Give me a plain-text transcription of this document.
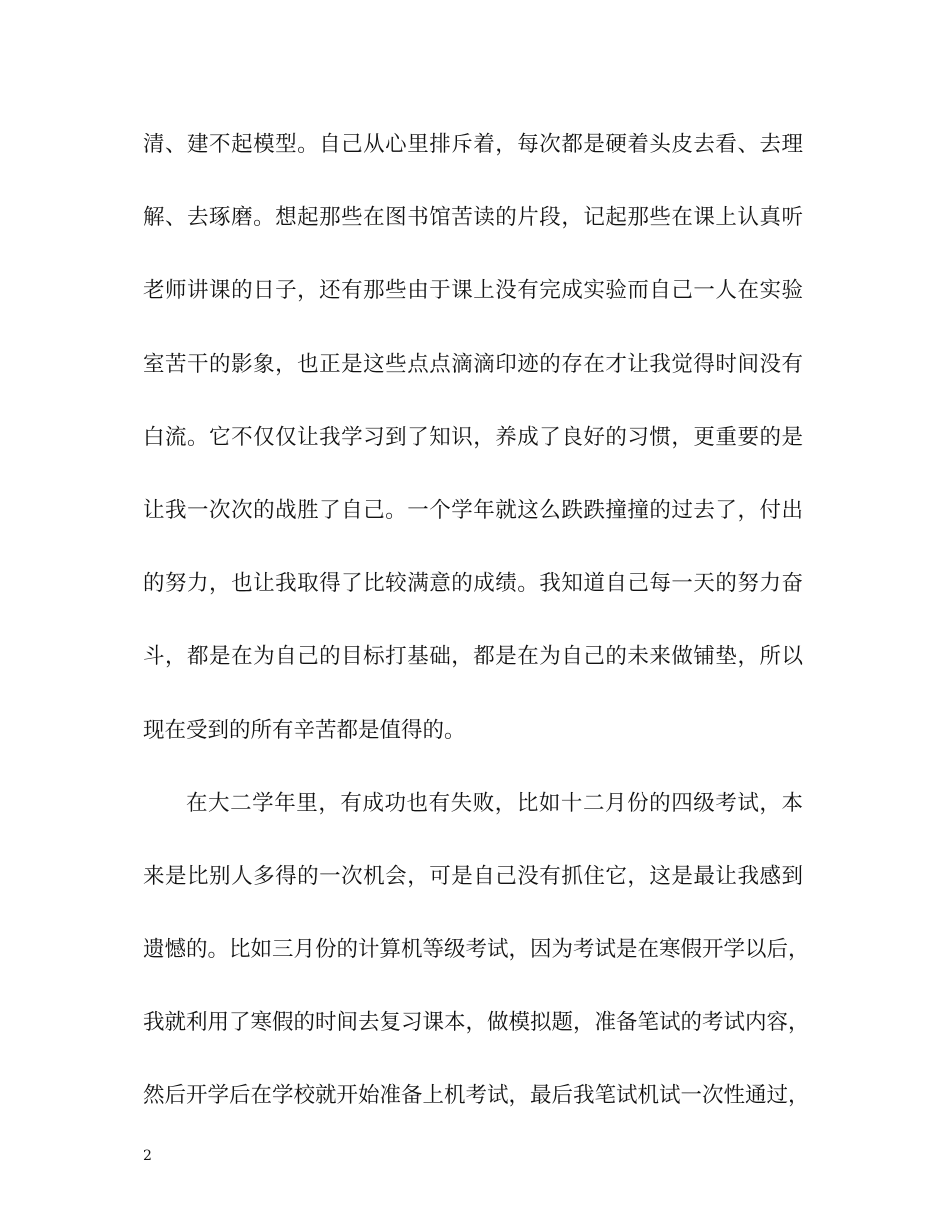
清、建不起模型。自己从心里排斥着，每次都是硬着头皮去看、去理
解、去琢磨。想起那些在图书馆苦读的片段，记起那些在课上认真听
老师讲课的日子，还有那些由于课上没有完成实验而自己一人在实验
室苦干的影象，也正是这些点点滴滴印迹的存在才让我觉得时间没有
白流。它不仅仅让我学习到了知识，养成了良好的习惯，更重要的是
让我一次次的战胜了自己。一个学年就这么跌跌撞撞的过去了，付出
的努力，也让我取得了比较满意的成绩。我知道自己每一天的努力奋
斗，都是在为自己的目标打基础，都是在为自己的未来做铺垫，所以
现在受到的所有辛苦都是值得的。
在大二学年里，有成功也有失败，比如十二月份的四级考试，本
来是比别人多得的一次机会，可是自己没有抓住它，这是最让我感到
遗憾的。比如三月份的计算机等级考试，因为考试是在寒假开学以后，
我就利用了寒假的时间去复习课本，做模拟题，准备笔试的考试内容，
然后开学后在学校就开始准备上机考试，最后我笔试机试一次性通过，
2
